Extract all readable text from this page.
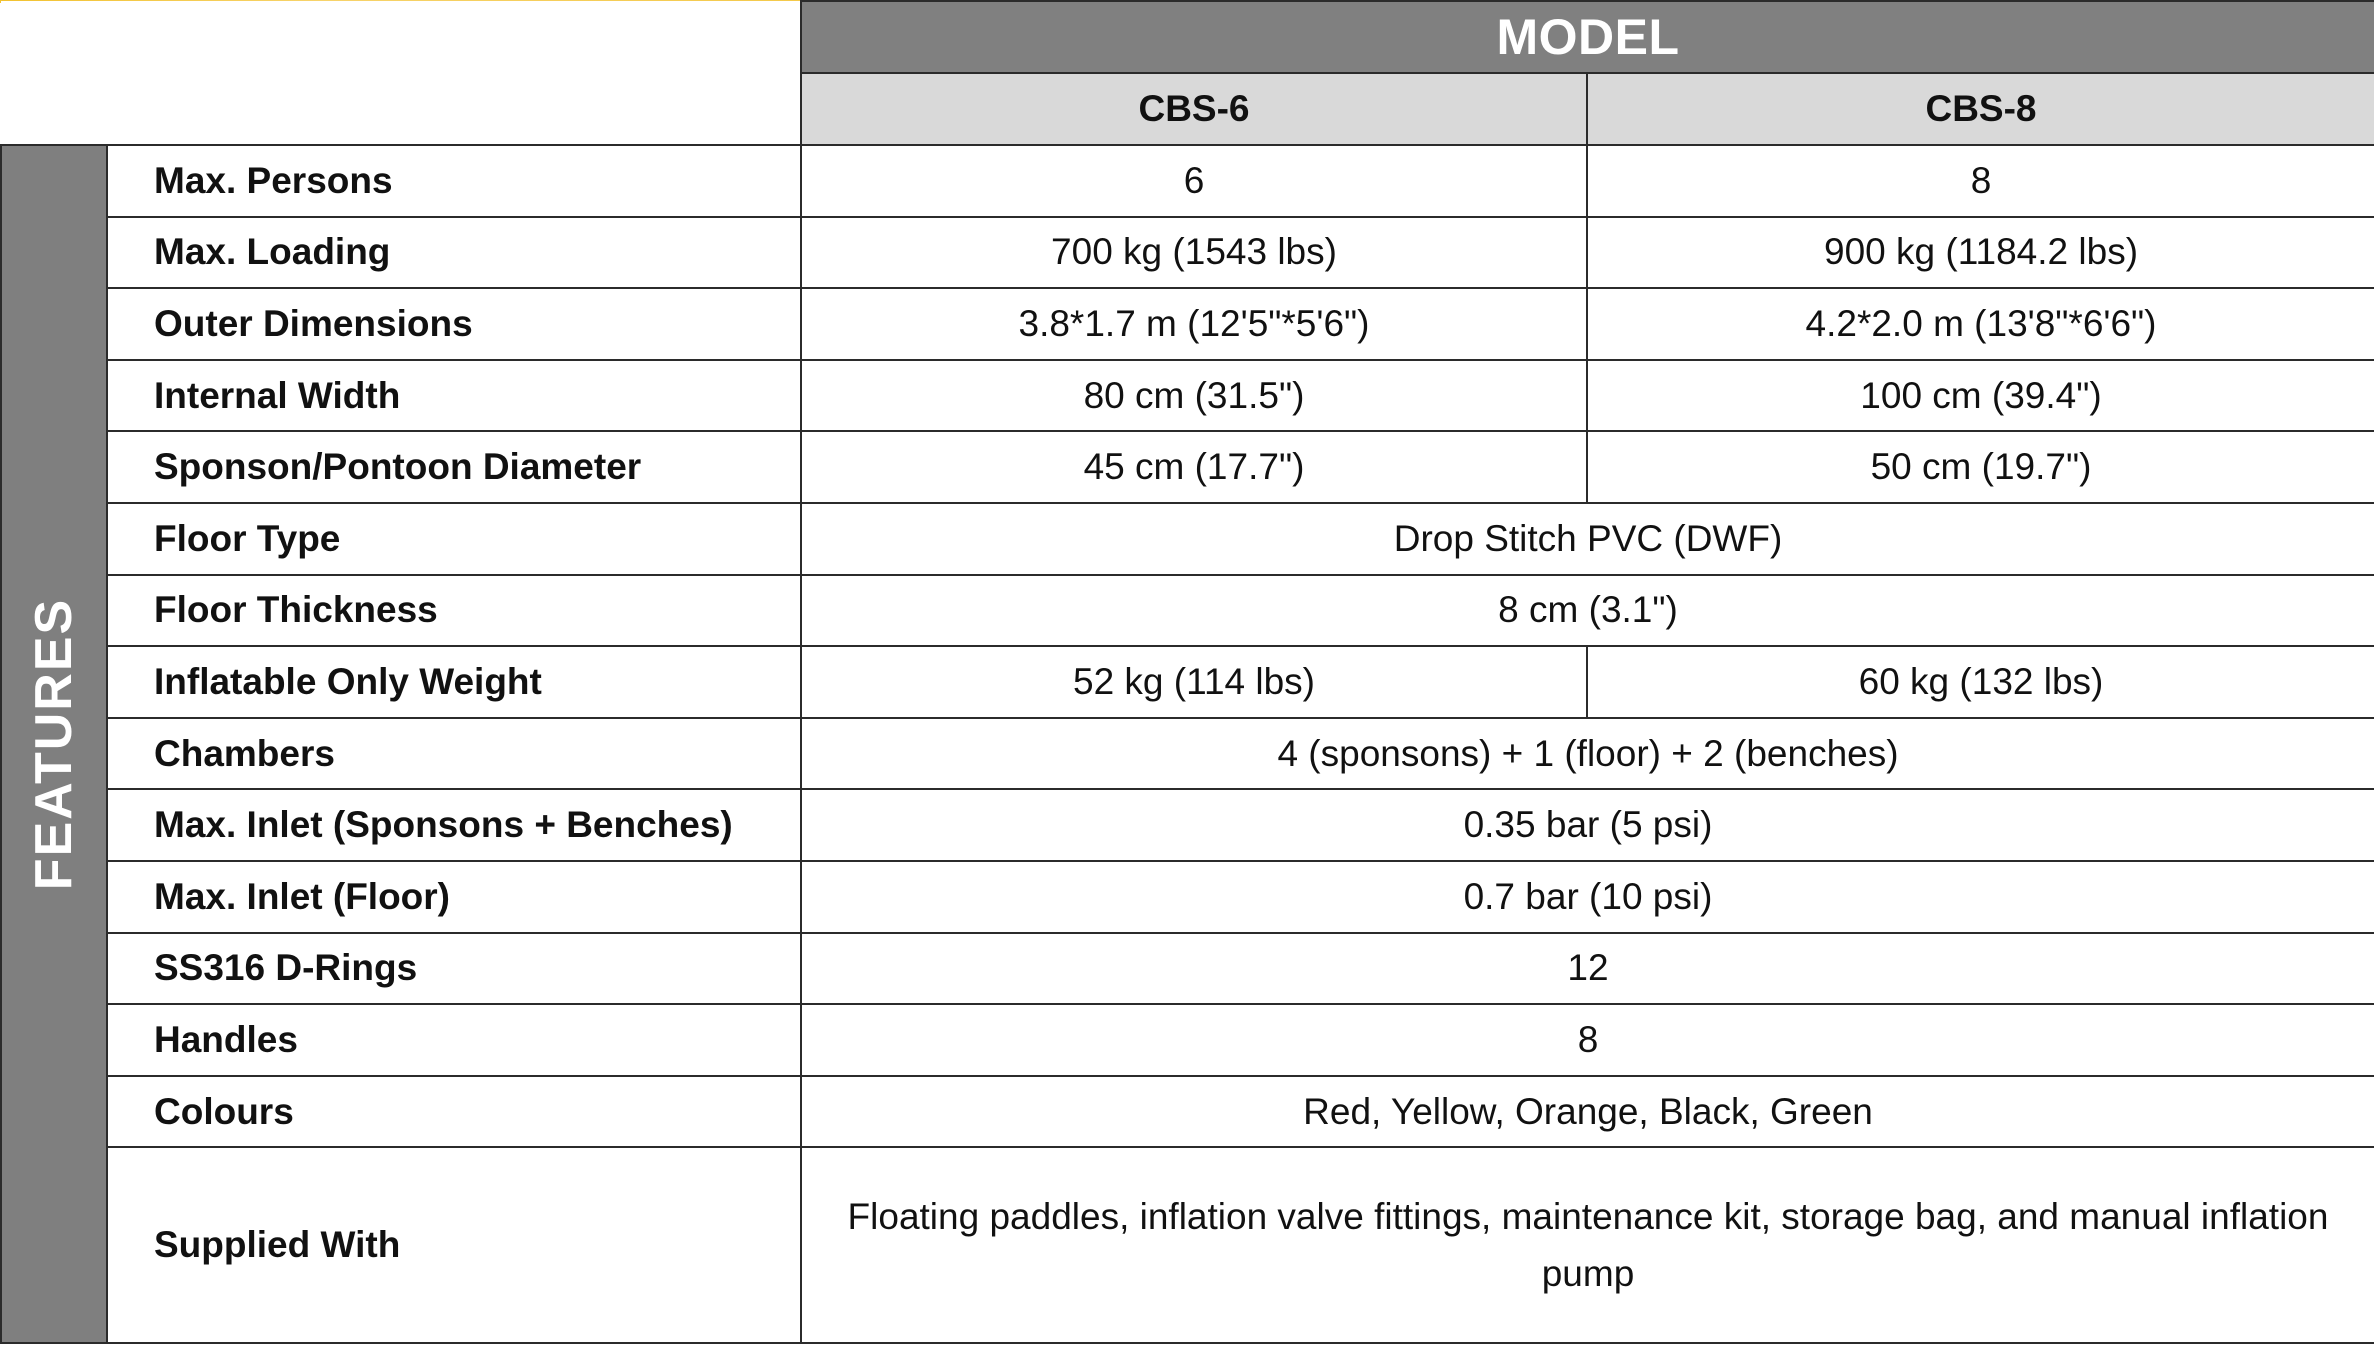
		MODEL	
		CBS-6	CBS-8

FEATURES	Max. Persons	6	8
	Max. Loading	700 kg (1543 lbs)	900 kg (1184.2 lbs)
	Outer Dimensions	3.8*1.7 m (12'5"*5'6")	4.2*2.0 m (13'8"*6'6")
	Internal Width	80 cm (31.5")	100 cm (39.4")
	Sponson/Pontoon Diameter	45 cm (17.7")	50 cm (19.7")
	Floor Type	Drop Stitch PVC (DWF)	
	Floor Thickness	8 cm (3.1")	
	Inflatable Only Weight	52 kg (114 lbs)	60 kg (132 lbs)
	Chambers	4 (sponsons) + 1 (floor) + 2 (benches)	
	Max. Inlet (Sponsons + Benches)	0.35 bar (5 psi)	
	Max. Inlet (Floor)	0.7 bar (10 psi)	
	SS316 D-Rings	12	
	Handles	8	
	Colours	Red, Yellow, Orange, Black, Green	
	Supplied With	Floating paddles, inflation valve fittings, maintenance kit, storage bag, and manual inflation pump	
